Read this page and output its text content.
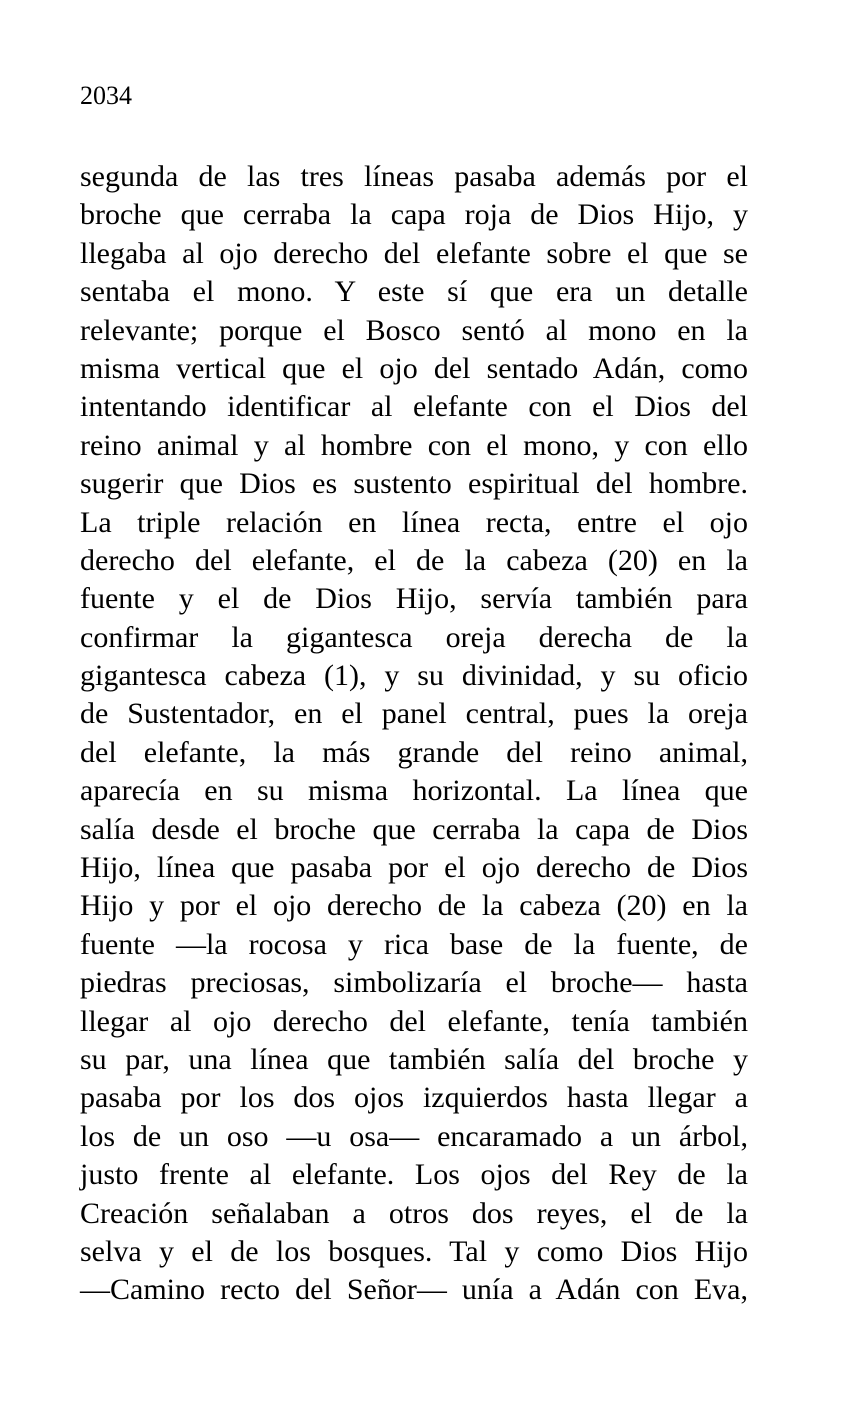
2034
segunda de las tres líneas pasaba además por el
broche que cerraba la capa roja de Dios Hijo, y
llegaba al ojo derecho del elefante sobre el que se
sentaba el mono. Y este sí que era un detalle
relevante; porque el Bosco sentó al mono en la
misma vertical que el ojo del sentado Adán, como
intentando identificar al elefante con el Dios del
reino animal y al hombre con el mono, y con ello
sugerir que Dios es sustento espiritual del hombre.
La triple relación en línea recta, entre el ojo
derecho del elefante, el de la cabeza (20) en la
fuente y el de Dios Hijo, servía también para
confirmar la gigantesca oreja derecha de la
gigantesca cabeza (1), y su divinidad, y su oficio
de Sustentador, en el panel central, pues la oreja
del elefante, la más grande del reino animal,
aparecía en su misma horizontal. La línea que
salía desde el broche que cerraba la capa de Dios
Hijo, línea que pasaba por el ojo derecho de Dios
Hijo y por el ojo derecho de la cabeza (20) en la
fuente —la rocosa y rica base de la fuente, de
piedras preciosas, simbolizaría el broche— hasta
llegar al ojo derecho del elefante, tenía también
su par, una línea que también salía del broche y
pasaba por los dos ojos izquierdos hasta llegar a
los de un oso —u osa— encaramado a un árbol,
justo frente al elefante. Los ojos del Rey de la
Creación señalaban a otros dos reyes, el de la
selva y el de los bosques. Tal y como Dios Hijo
—Camino recto del Señor— unía a Adán con Eva,
